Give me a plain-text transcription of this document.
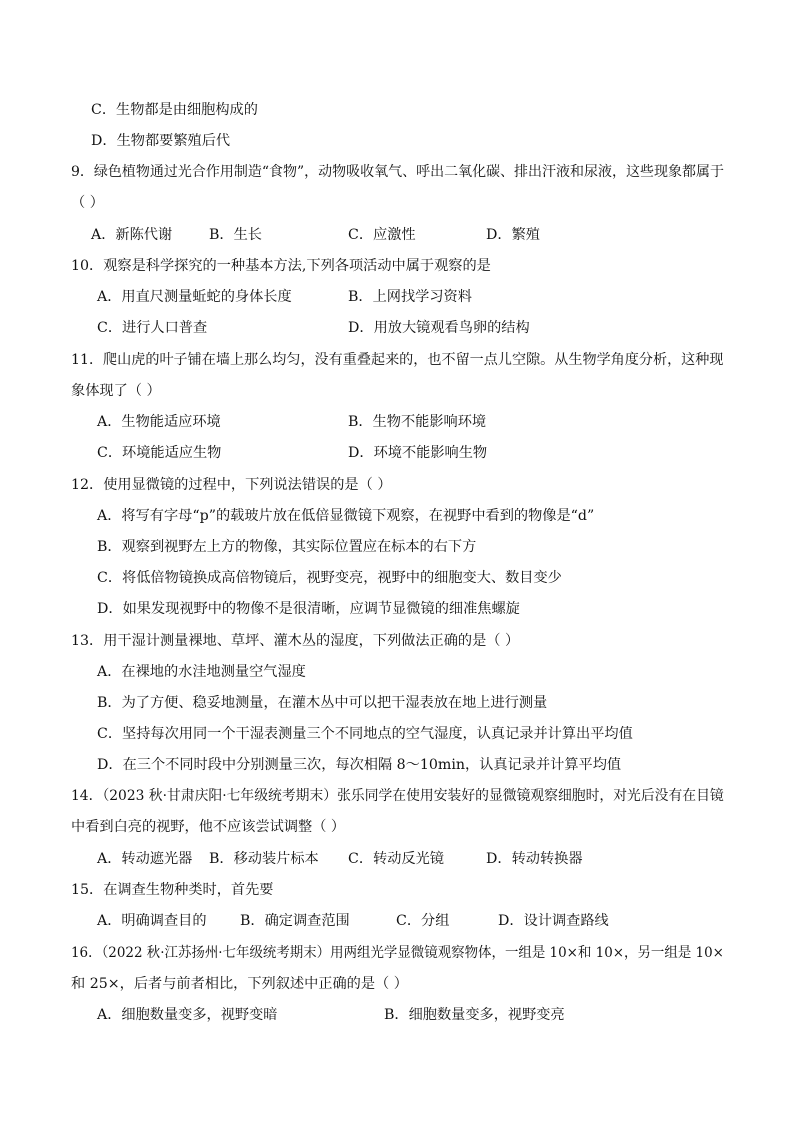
C．生物都是由细胞构成的
D．生物都要繁殖后代
9．绿色植物通过光合作用制造“食物”，动物吸收氧气、呼出二氧化碳、排出汗液和尿液，这些现象都属于
（ ）
A．新陈代谢	B．生长	C．应激性	D．繁殖
10．观察是科学探究的一种基本方法,下列各项活动中属于观察的是
A．用直尺测量蚯蛇的身体长度	B．上网找学习资料
C．进行人口普查	D．用放大镜观看鸟卵的结构
11．爬山虎的叶子铺在墙上那么均匀，没有重叠起来的，也不留一点儿空隙。从生物学角度分析，这种现
象体现了（ ）
A．生物能适应环境	B．生物不能影响环境
C．环境能适应生物	D．环境不能影响生物
12．使用显微镜的过程中，下列说法错误的是（ ）
A．将写有字母“p”的载玻片放在低倍显微镜下观察，在视野中看到的物像是“d”
B．观察到视野左上方的物像，其实际位置应在标本的右下方
C．将低倍物镜换成高倍物镜后，视野变亮，视野中的细胞变大、数目变少
D．如果发现视野中的物像不是很清晰，应调节显微镜的细准焦螺旋
13．用干湿计测量裸地、草坪、灌木丛的湿度，下列做法正确的是（ ）
A．在裸地的水洼地测量空气湿度
B．为了方便、稳妥地测量，在灌木丛中可以把干湿表放在地上进行测量
C．坚持每次用同一个干湿表测量三个不同地点的空气湿度，认真记录并计算出平均值
D．在三个不同时段中分别测量三次，每次相隔 8～10min，认真记录并计算平均值
14．（2023 秋·甘肃庆阳·七年级统考期末）张乐同学在使用安装好的显微镜观察细胞时，对光后没有在目镜
中看到白亮的视野，他不应该尝试调整（ ）
A．转动遮光器 B．移动装片标本 C．转动反光镜	D．转动转换器
15．在调查生物种类时，首先要
A．明确调查目的 B．确定调查范围	C．分组	D．设计调查路线
16．（2022 秋·江苏扬州·七年级统考期末）用两组光学显微镜观察物体，一组是 10×和 10×，另一组是 10×
和 25×，后者与前者相比，下列叙述中正确的是（ ）
A．细胞数量变多，视野变暗	B．细胞数量变多，视野变亮
